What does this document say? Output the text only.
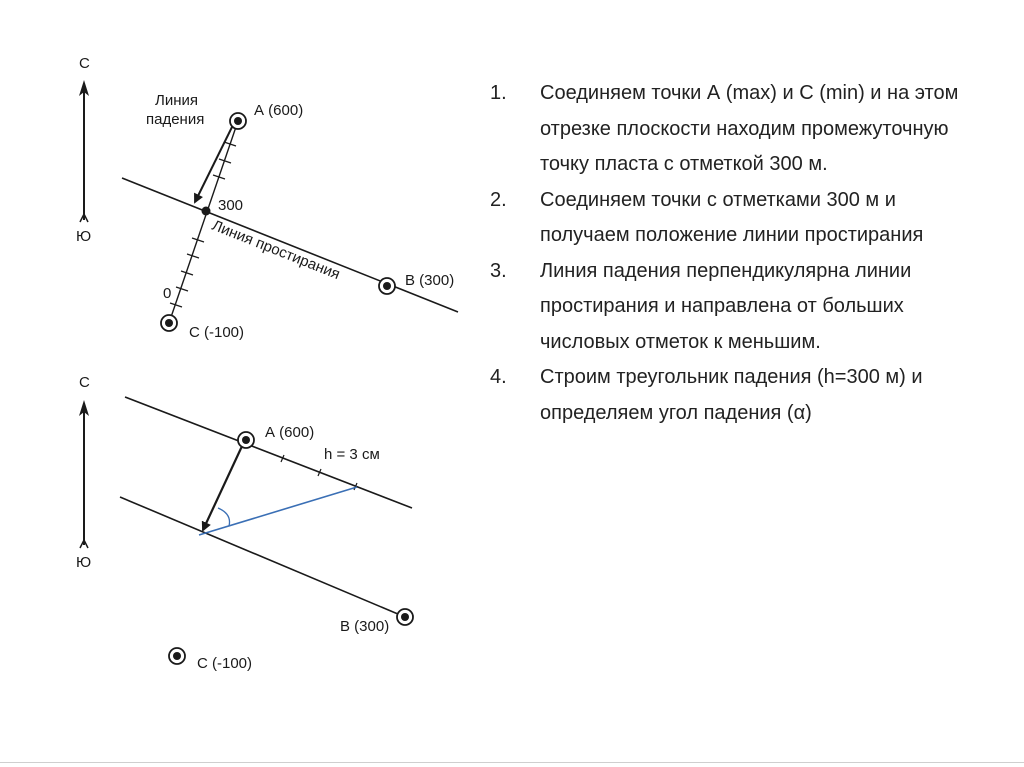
С
Ю
Линия
падения
А (600)
300
Линия простирания	В (300)
0
С (-100)
С
Ю
А (600)
h = 3 см
В (300)
С (-100)
1. Соединяем точки А (max) и С (min) и на этом отрезке плоскости находим промежуточную точку пласта с отметкой 300 м.
2. Соединяем точки с отметками 300 м и получаем положение линии простирания
3. Линия падения перпендикулярна линии простирания и направлена от больших числовых отметок к меньшим.
4. Строим треугольник падения (h=300 м) и определяем угол падения (α)
